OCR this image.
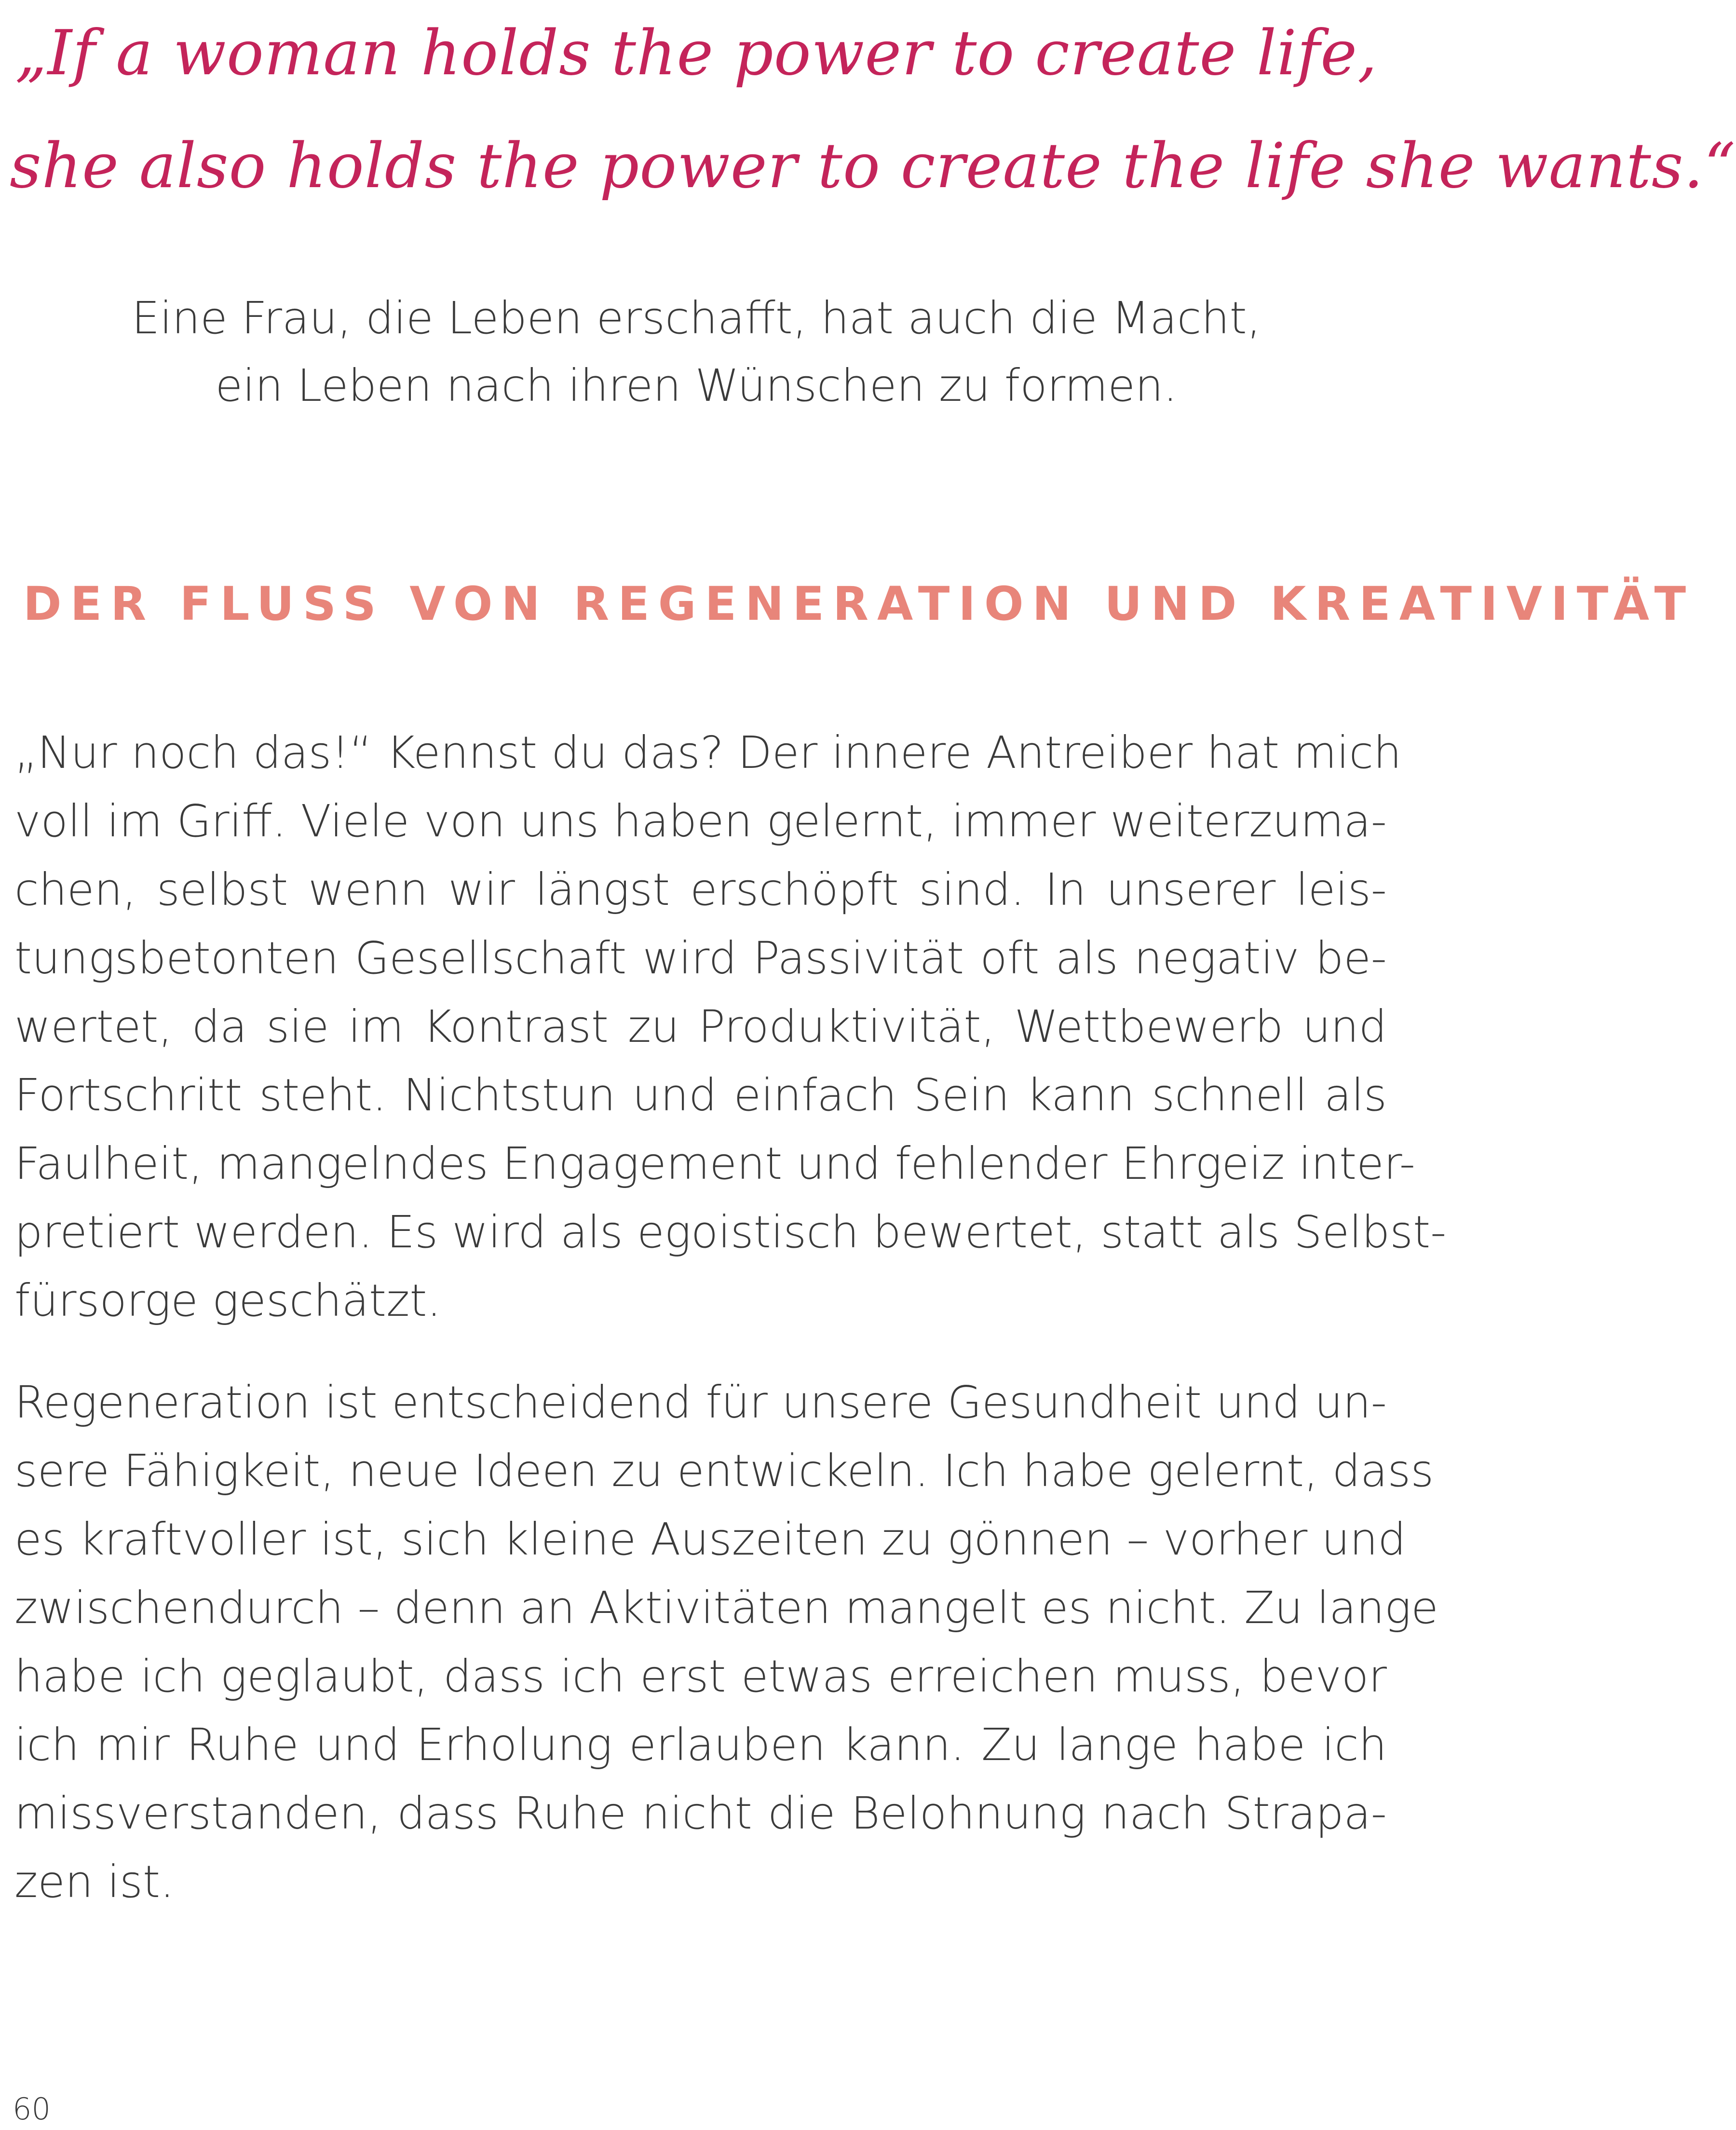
„If a woman holds the power to create life,
she also holds the power to create the life she wants.“
Eine Frau, die Leben erschafft, hat auch die Macht,
ein Leben nach ihren Wünschen zu formen.
DER FLUSS VON REGENERATION UND KREATIVITÄT
„Nur noch das!“ Kennst du das? Der innere Antreiber hat mich
voll im Griff. Viele von uns haben gelernt, immer weiterzuma-
chen, selbst wenn wir längst erschöpft sind. In unserer leis-
tungsbetonten Gesellschaft wird Passivität oft als negativ be-
wertet, da sie im Kontrast zu Produktivität, Wettbewerb und
Fortschritt steht. Nichtstun und einfach Sein kann schnell als
Faulheit, mangelndes Engagement und fehlender Ehrgeiz inter-
pretiert werden. Es wird als egoistisch bewertet, statt als Selbst-
fürsorge geschätzt.
Regeneration ist entscheidend für unsere Gesundheit und un-
sere Fähigkeit, neue Ideen zu entwickeln. Ich habe gelernt, dass
es kraftvoller ist, sich kleine Auszeiten zu gönnen – vorher und
zwischendurch – denn an Aktivitäten mangelt es nicht. Zu lange
habe ich geglaubt, dass ich erst etwas erreichen muss, bevor
ich mir Ruhe und Erholung erlauben kann. Zu lange habe ich
missverstanden, dass Ruhe nicht die Belohnung nach Strapa-
zen ist.
60
